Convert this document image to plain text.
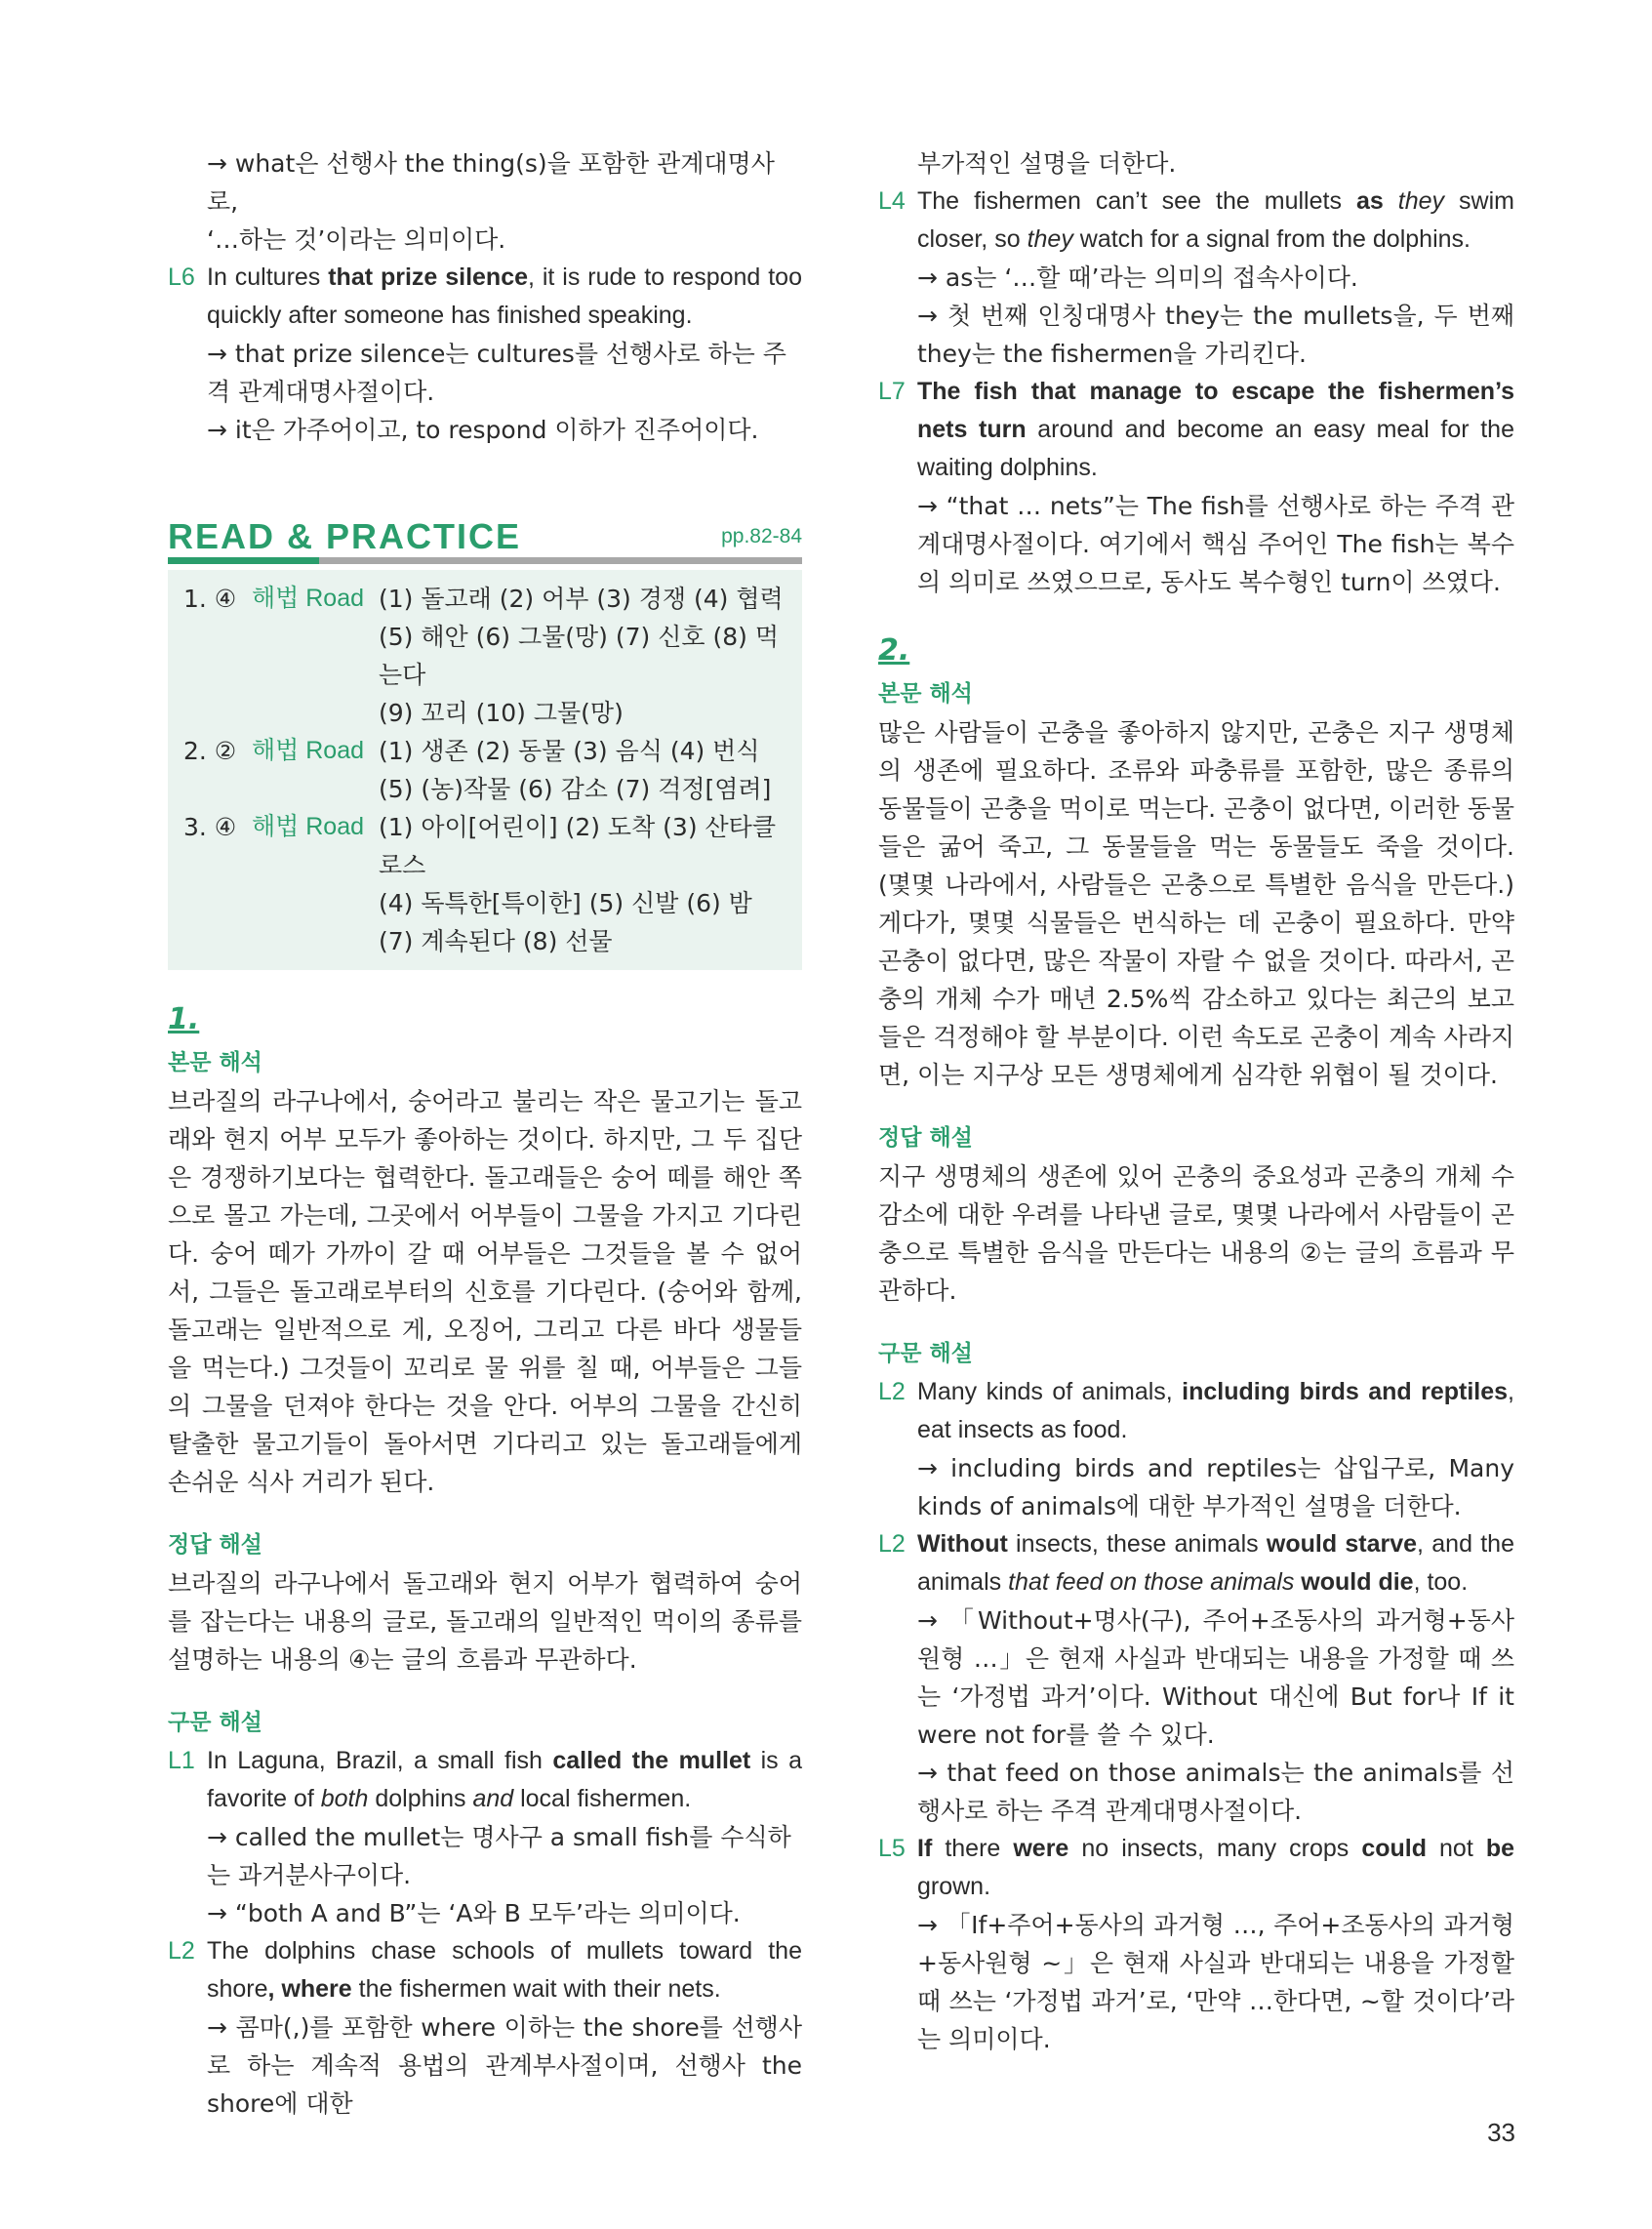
→ what은 선행사 the thing(s)을 포함한 관계대명사로,
‘…하는 것’이라는 의미이다.
L6 In cultures that prize silence, it is rude to respond too quickly after someone has finished speaking.
→ that prize silence는 cultures를 선행사로 하는 주격 관계대명사절이다.
→ it은 가주어이고, to respond 이하가 진주어이다.
READ & PRACTICE	pp.82-84
1. ④ 해법 Road (1) 돌고래 (2) 어부 (3) 경쟁 (4) 협력
(5) 해안 (6) 그물(망) (7) 신호 (8) 먹는다
(9) 꼬리 (10) 그물(망)
2. ② 해법 Road (1) 생존 (2) 동물 (3) 음식 (4) 번식
(5) (농)작물 (6) 감소 (7) 걱정[염려]
3. ④ 해법 Road (1) 아이[어린이] (2) 도착 (3) 산타클로스
(4) 독특한[특이한] (5) 신발 (6) 밤
(7) 계속된다 (8) 선물
1.
본문 해석
브라질의 라구나에서, 숭어라고 불리는 작은 물고기는 돌고래와 현지 어부 모두가 좋아하는 것이다. 하지만, 그 두 집단은 경쟁하기보다는 협력한다. 돌고래들은 숭어 떼를 해안 쪽으로 몰고 가는데, 그곳에서 어부들이 그물을 가지고 기다린다. 숭어 떼가 가까이 갈 때 어부들은 그것들을 볼 수 없어서, 그들은 돌고래로부터의 신호를 기다린다. (숭어와 함께, 돌고래는 일반적으로 게, 오징어, 그리고 다른 바다 생물들을 먹는다.) 그것들이 꼬리로 물 위를 칠 때, 어부들은 그들의 그물을 던져야 한다는 것을 안다. 어부의 그물을 간신히 탈출한 물고기들이 돌아서면 기다리고 있는 돌고래들에게 손쉬운 식사 거리가 된다.
정답 해설
브라질의 라구나에서 돌고래와 현지 어부가 협력하여 숭어를 잡는다는 내용의 글로, 돌고래의 일반적인 먹이의 종류를 설명하는 내용의 ④는 글의 흐름과 무관하다.
구문 해설
L1 In Laguna, Brazil, a small fish called the mullet is a favorite of both dolphins and local fishermen.
→ called the mullet는 명사구 a small fish를 수식하는 과거분사구이다.
→ “both A and B”는 ‘A와 B 모두’라는 의미이다.
L2 The dolphins chase schools of mullets toward the shore, where the fishermen wait with their nets.
→ 콤마(,)를 포함한 where 이하는 the shore를 선행사로 하는 계속적 용법의 관계부사절이며, 선행사 the shore에 대한
부가적인 설명을 더한다.
L4 The fishermen can’t see the mullets as they swim closer, so they watch for a signal from the dolphins.
→ as는 ‘…할 때’라는 의미의 접속사이다.
→ 첫 번째 인칭대명사 they는 the mullets을, 두 번째 they는 the fishermen을 가리킨다.
L7 The fish that manage to escape the fishermen’s nets turn around and become an easy meal for the waiting dolphins.
→ “that … nets”는 The fish를 선행사로 하는 주격 관계대명사절이다. 여기에서 핵심 주어인 The fish는 복수의 의미로 쓰였으므로, 동사도 복수형인 turn이 쓰였다.
2.
본문 해석
많은 사람들이 곤충을 좋아하지 않지만, 곤충은 지구 생명체의 생존에 필요하다. 조류와 파충류를 포함한, 많은 종류의 동물들이 곤충을 먹이로 먹는다. 곤충이 없다면, 이러한 동물들은 굶어 죽고, 그 동물들을 먹는 동물들도 죽을 것이다. (몇몇 나라에서, 사람들은 곤충으로 특별한 음식을 만든다.) 게다가, 몇몇 식물들은 번식하는 데 곤충이 필요하다. 만약 곤충이 없다면, 많은 작물이 자랄 수 없을 것이다. 따라서, 곤충의 개체 수가 매년 2.5%씩 감소하고 있다는 최근의 보고들은 걱정해야 할 부분이다. 이런 속도로 곤충이 계속 사라지면, 이는 지구상 모든 생명체에게 심각한 위협이 될 것이다.
정답 해설
지구 생명체의 생존에 있어 곤충의 중요성과 곤충의 개체 수 감소에 대한 우려를 나타낸 글로, 몇몇 나라에서 사람들이 곤충으로 특별한 음식을 만든다는 내용의 ②는 글의 흐름과 무관하다.
구문 해설
L2 Many kinds of animals, including birds and reptiles, eat insects as food.
→ including birds and reptiles는 삽입구로, Many kinds of animals에 대한 부가적인 설명을 더한다.
L2 Without insects, these animals would starve, and the animals that feed on those animals would die, too.
→ 「Without+명사(구), 주어+조동사의 과거형+동사원형 …」은 현재 사실과 반대되는 내용을 가정할 때 쓰는 ‘가정법 과거’이다. Without 대신에 But for나 If it were not for를 쓸 수 있다.
→ that feed on those animals는 the animals를 선행사로 하는 주격 관계대명사절이다.
L5 If there were no insects, many crops could not be grown.
→ 「If+주어+동사의 과거형 …, 주어+조동사의 과거형+동사원형 ~」은 현재 사실과 반대되는 내용을 가정할 때 쓰는 ‘가정법 과거’로, ‘만약 …한다면, ~할 것이다’라는 의미이다.
33
